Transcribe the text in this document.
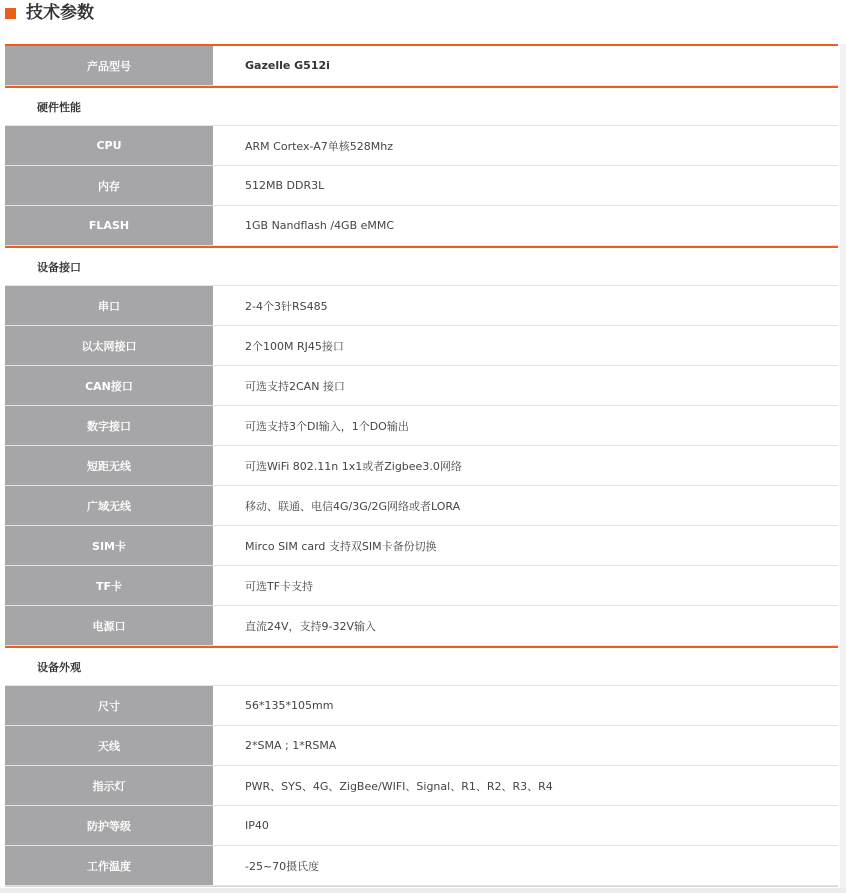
技术参数
产品型号	Gazelle G512i
硬件性能
CPU	ARM Cortex-A7单核528Mhz
内存	512MB DDR3L
FLASH	1GB Nandflash /4GB eMMC
设备接口
串口	2-4个3针RS485
以太网接口	2个100M RJ45接口
CAN接口	可选支持2CAN 接口
数字接口	可选支持3个DI输入，1个DO输出
短距无线	可选WiFi 802.11n 1x1或者Zigbee3.0网络
广域无线	移动、联通、电信4G/3G/2G网络或者LORA
SIM卡	Mirco SIM card 支持双SIM卡备份切换
TF卡	可选TF卡支持
电源口	直流24V，支持9-32V输入
设备外观
尺寸	56*135*105mm
天线	2*SMA ; 1*RSMA
指示灯	PWR、SYS、4G、ZigBee/WIFI、Signal、R1、R2、R3、R4
防护等级	IP40
工作温度	-25~70摄氏度
